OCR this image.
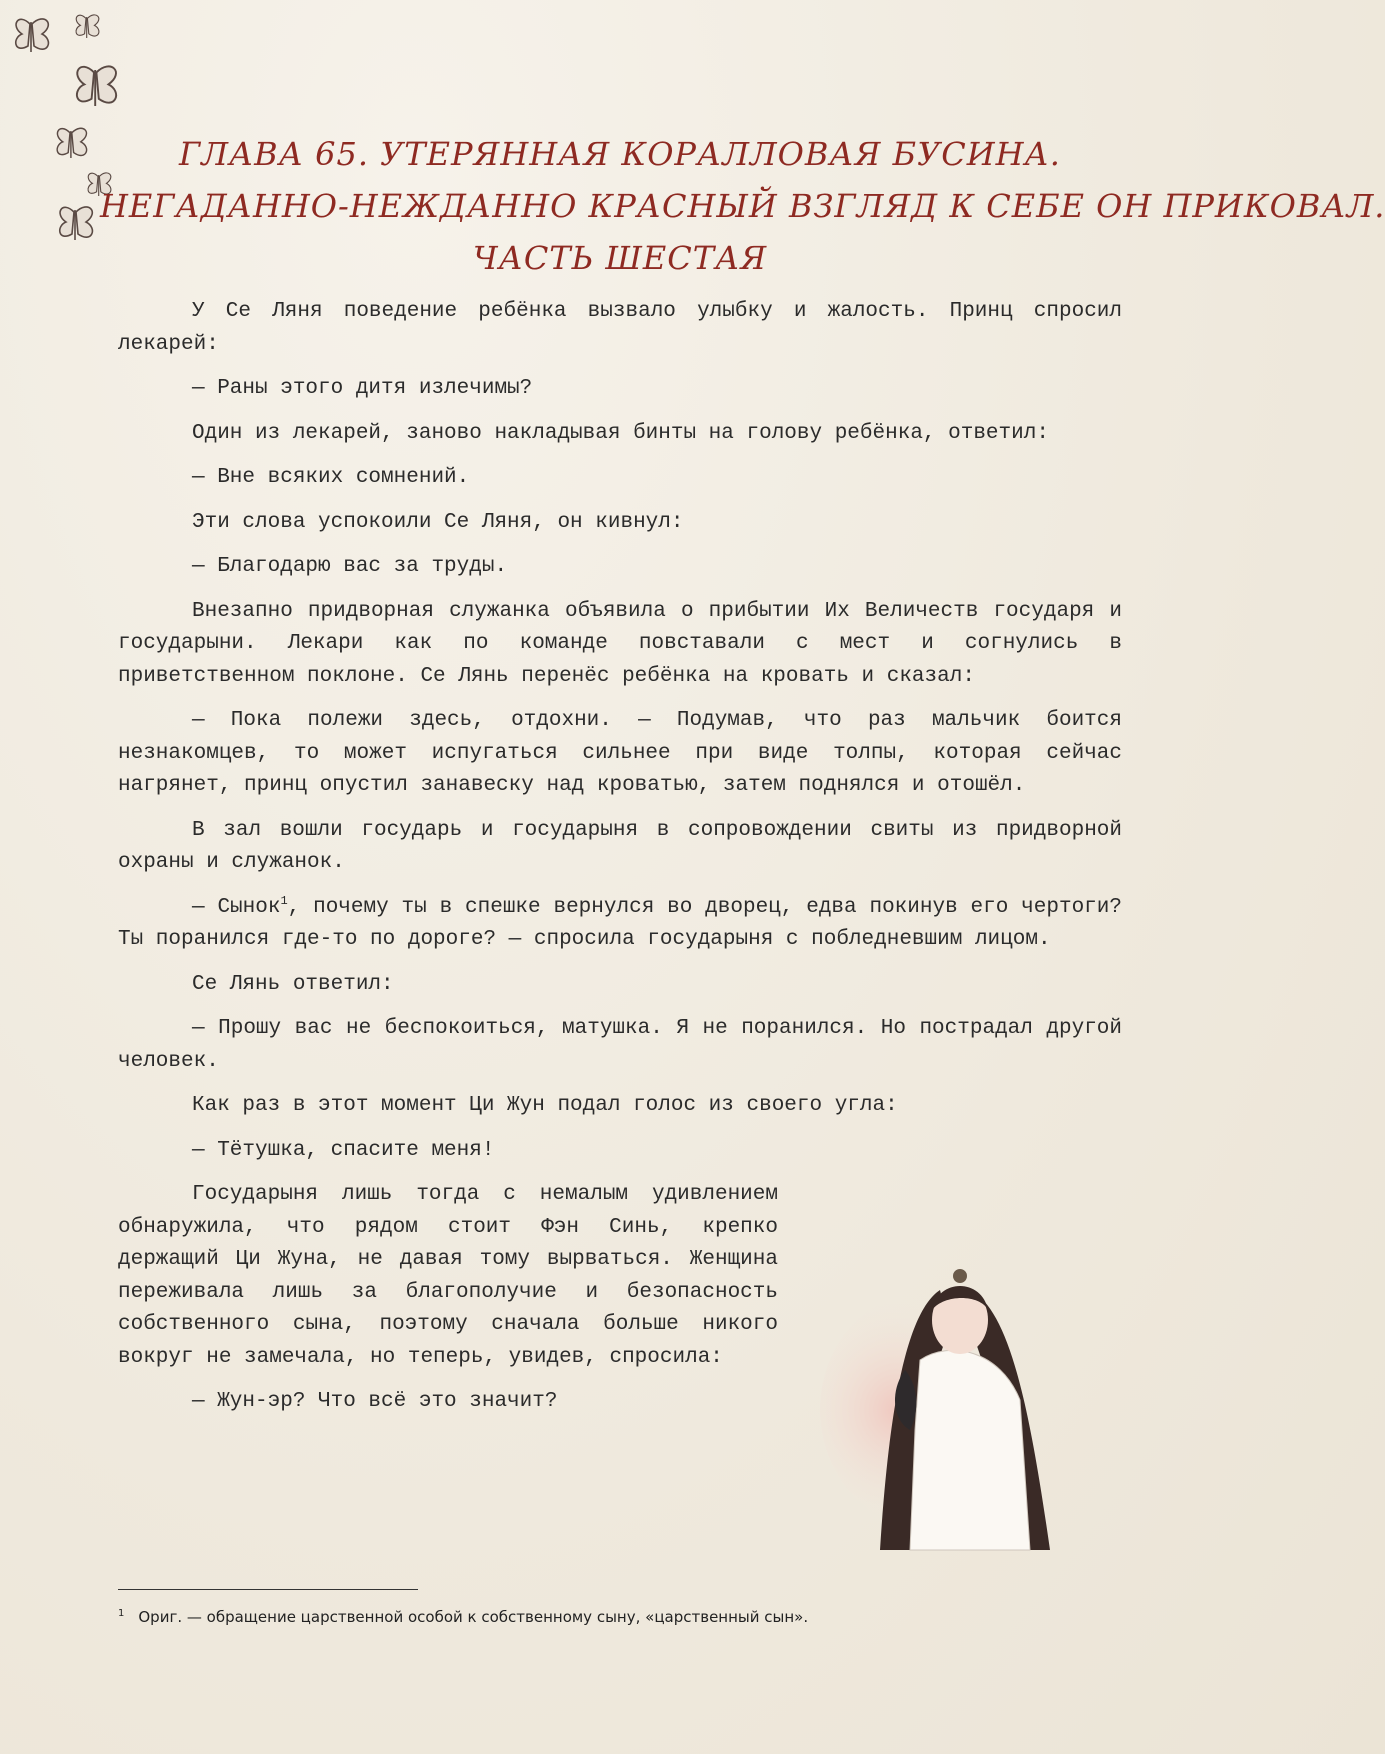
ГЛАВА 65. УТЕРЯННАЯ КОРАЛЛОВАЯ БУСИНА.
НЕГАДАННО-НЕЖДАННО КРАСНЫЙ ВЗГЛЯД К СЕБЕ ОН ПРИКОВАЛ.
ЧАСТЬ ШЕСТАЯ

У Се Ляня поведение ребёнка вызвало улыбку и жалость. Принц спросил лекарей:

— Раны этого дитя излечимы?

Один из лекарей, заново накладывая бинты на голову ребёнка, ответил:

— Вне всяких сомнений.

Эти слова успокоили Се Ляня, он кивнул:

— Благодарю вас за труды.

Внезапно придворная служанка объявила о прибытии Их Величеств государя и государыни. Лекари как по команде повставали с мест и согнулись в приветственном поклоне. Се Лянь перенёс ребёнка на кровать и сказал:

— Пока полежи здесь, отдохни. — Подумав, что раз мальчик боится незнакомцев, то может испугаться сильнее при виде толпы, которая сейчас нагрянет, принц опустил занавеску над кроватью, затем поднялся и отошёл.

В зал вошли государь и государыня в сопровождении свиты из придворной охраны и служанок.

— Сынок$^1$, почему ты в спешке вернулся во дворец, едва покинув его чертоги? Ты поранился где-то по дороге? — спросила государыня с побледневшим лицом.

Се Лянь ответил:

— Прошу вас не беспокоиться, матушка. Я не поранился. Но пострадал другой человек.

Как раз в этот момент Ци Жун подал голос из своего угла:

— Тётушка, спасите меня!

Государыня лишь тогда с немалым удивлением обнаружила, что рядом стоит Фэн Синь, крепко держащий Ци Жуна, не давая тому вырваться. Женщина переживала лишь за благополучие и безопасность собственного сына, поэтому сначала больше никого вокруг не замечала, но теперь, увидев, спросила:

— Жун-эр? Что всё это значит?

$^1$ Ориг. — обращение царственной особой к собственному сыну, «царственный сын».
